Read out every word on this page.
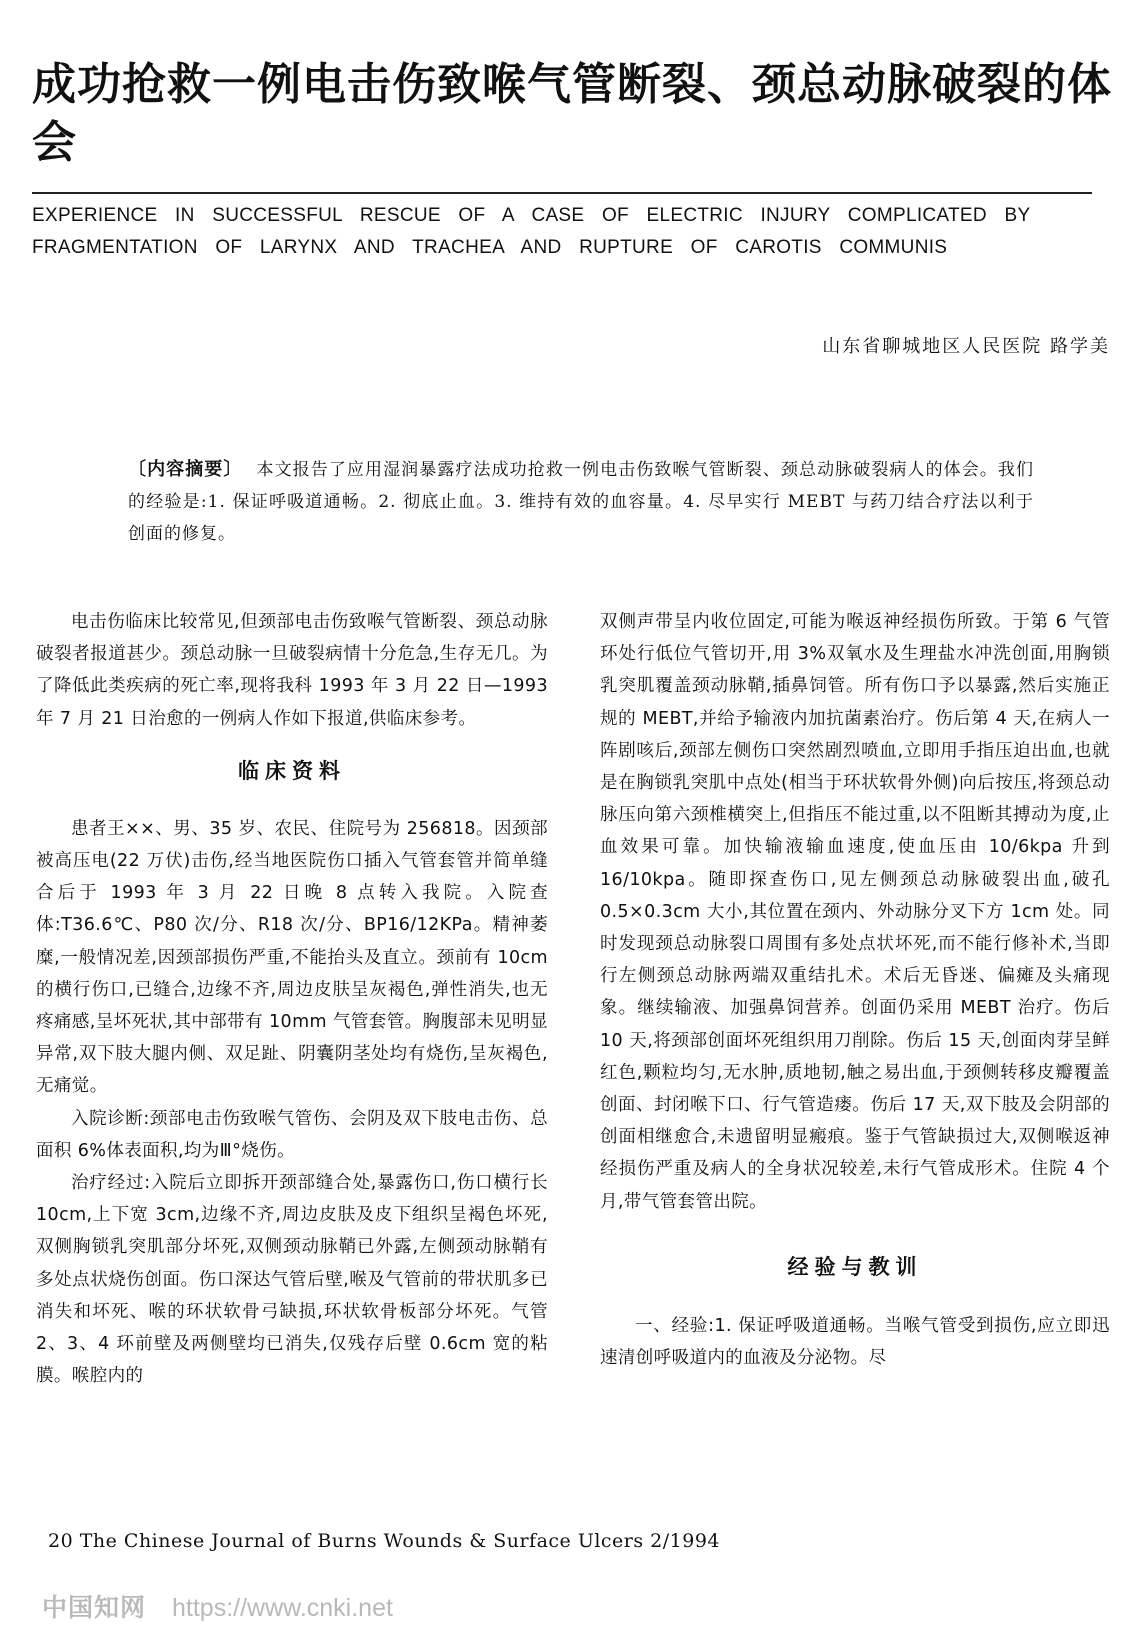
成功抢救一例电击伤致喉气管断裂、颈总动脉破裂的体会
EXPERIENCE IN SUCCESSFUL RESCUE OF A CASE OF ELECTRIC INJURY COMPLICATED BY
FRAGMENTATION OF LARYNX AND TRACHEA AND RUPTURE OF CAROTIS COMMUNIS
山东省聊城地区人民医院 路学美
〔内容摘要〕 本文报告了应用湿润暴露疗法成功抢救一例电击伤致喉气管断裂、颈总动脉破裂病人的体会。我们的经验是:1. 保证呼吸道通畅。2. 彻底止血。3. 维持有效的血容量。4. 尽早实行 MEBT 与药刀结合疗法以利于创面的修复。

电击伤临床比较常见,但颈部电击伤致喉气管断裂、颈总动脉破裂者报道甚少。颈总动脉一旦破裂病情十分危急,生存无几。为了降低此类疾病的死亡率,现将我科 1993 年 3 月 22 日—1993 年 7 月 21 日治愈的一例病人作如下报道,供临床参考。

临床资料

患者王××、男、35 岁、农民、住院号为 256818。因颈部被高压电(22 万伏)击伤,经当地医院伤口插入气管套管并简单缝合后于 1993 年 3 月 22 日晚 8 点转入我院。入院查体:T36.6℃、P80 次/分、R18 次/分、BP16/12KPa。精神萎糜,一般情况差,因颈部损伤严重,不能抬头及直立。颈前有 10cm 的横行伤口,已缝合,边缘不齐,周边皮肤呈灰褐色,弹性消失,也无疼痛感,呈坏死状,其中部带有 10mm 气管套管。胸腹部未见明显异常,双下肢大腿内侧、双足趾、阴囊阴茎处均有烧伤,呈灰褐色,无痛觉。

入院诊断:颈部电击伤致喉气管伤、会阴及双下肢电击伤、总面积 6%体表面积,均为Ⅲ°烧伤。

治疗经过:入院后立即拆开颈部缝合处,暴露伤口,伤口横行长 10cm,上下宽 3cm,边缘不齐,周边皮肤及皮下组织呈褐色坏死,双侧胸锁乳突肌部分坏死,双侧颈动脉鞘已外露,左侧颈动脉鞘有多处点状烧伤创面。伤口深达气管后壁,喉及气管前的带状肌多已消失和坏死、喉的环状软骨弓缺损,环状软骨板部分坏死。气管 2、3、4 环前壁及两侧壁均已消失,仅残存后壁 0.6cm 宽的粘膜。喉腔内的

双侧声带呈内收位固定,可能为喉返神经损伤所致。于第 6 气管环处行低位气管切开,用 3%双氧水及生理盐水冲洗创面,用胸锁乳突肌覆盖颈动脉鞘,插鼻饲管。所有伤口予以暴露,然后实施正规的 MEBT,并给予输液内加抗菌素治疗。伤后第 4 天,在病人一阵剧咳后,颈部左侧伤口突然剧烈喷血,立即用手指压迫出血,也就是在胸锁乳突肌中点处(相当于环状软骨外侧)向后按压,将颈总动脉压向第六颈椎横突上,但指压不能过重,以不阻断其搏动为度,止血效果可靠。加快输液输血速度,使血压由 10/6kpa 升到 16/10kpa。随即探查伤口,见左侧颈总动脉破裂出血,破孔 0.5×0.3cm 大小,其位置在颈内、外动脉分叉下方 1cm 处。同时发现颈总动脉裂口周围有多处点状坏死,而不能行修补术,当即行左侧颈总动脉两端双重结扎术。术后无昏迷、偏瘫及头痛现象。继续输液、加强鼻饲营养。创面仍采用 MEBT 治疗。伤后 10 天,将颈部创面坏死组织用刀削除。伤后 15 天,创面肉芽呈鲜红色,颗粒均匀,无水肿,质地韧,触之易出血,于颈侧转移皮瓣覆盖创面、封闭喉下口、行气管造瘘。伤后 17 天,双下肢及会阴部的创面相继愈合,未遗留明显瘢痕。鉴于气管缺损过大,双侧喉返神经损伤严重及病人的全身状况较差,未行气管成形术。住院 4 个月,带气管套管出院。

经验与教训

一、经验:1. 保证呼吸道通畅。当喉气管受到损伤,应立即迅速清创呼吸道内的血液及分泌物。尽

20 The Chinese Journal of Burns Wounds & Surface Ulcers 2/1994
中国知网 https://www.cnki.net
